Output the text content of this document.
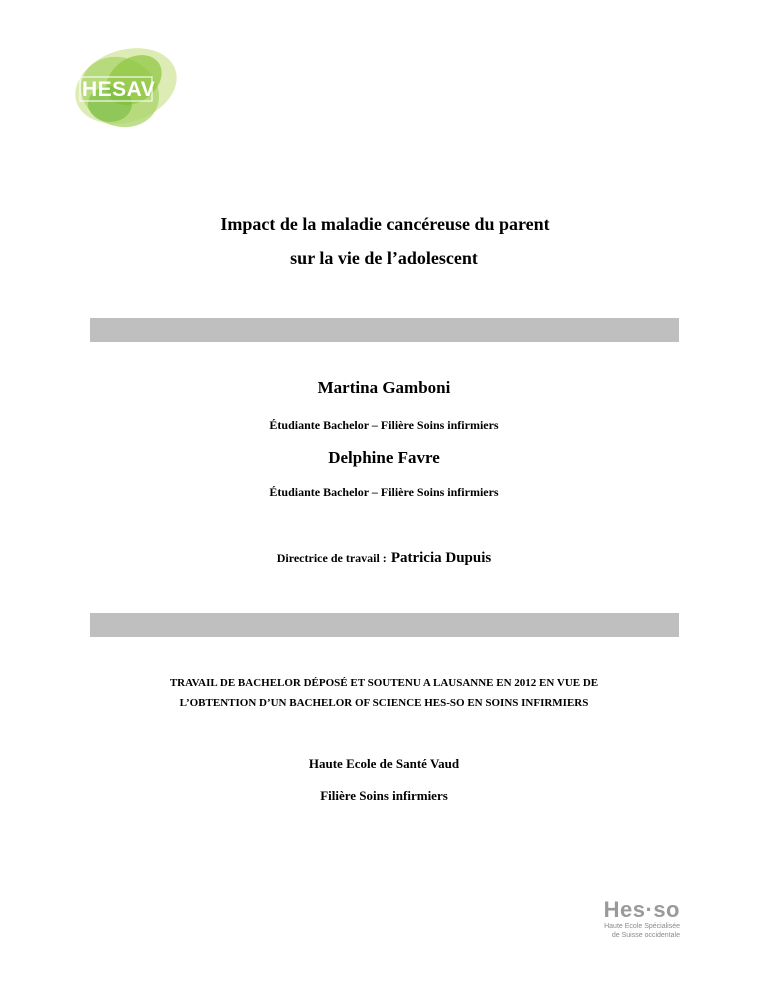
HESAV
Impact de la maladie cancéreuse du parent
sur la vie de l’adolescent
Martina Gamboni
Étudiante Bachelor – Filière Soins infirmiers
Delphine Favre
Étudiante Bachelor – Filière Soins infirmiers
Directrice de travail : Patricia Dupuis
TRAVAIL DE BACHELOR DÉPOSÉ ET SOUTENU A LAUSANNE EN 2012 EN VUE DE
L’OBTENTION D’UN BACHELOR OF SCIENCE HES-SO EN SOINS INFIRMIERS
Haute Ecole de Santé Vaud
Filière Soins infirmiers
Hes·so
Haute Ecole Spécialisée
de Suisse occidentale
